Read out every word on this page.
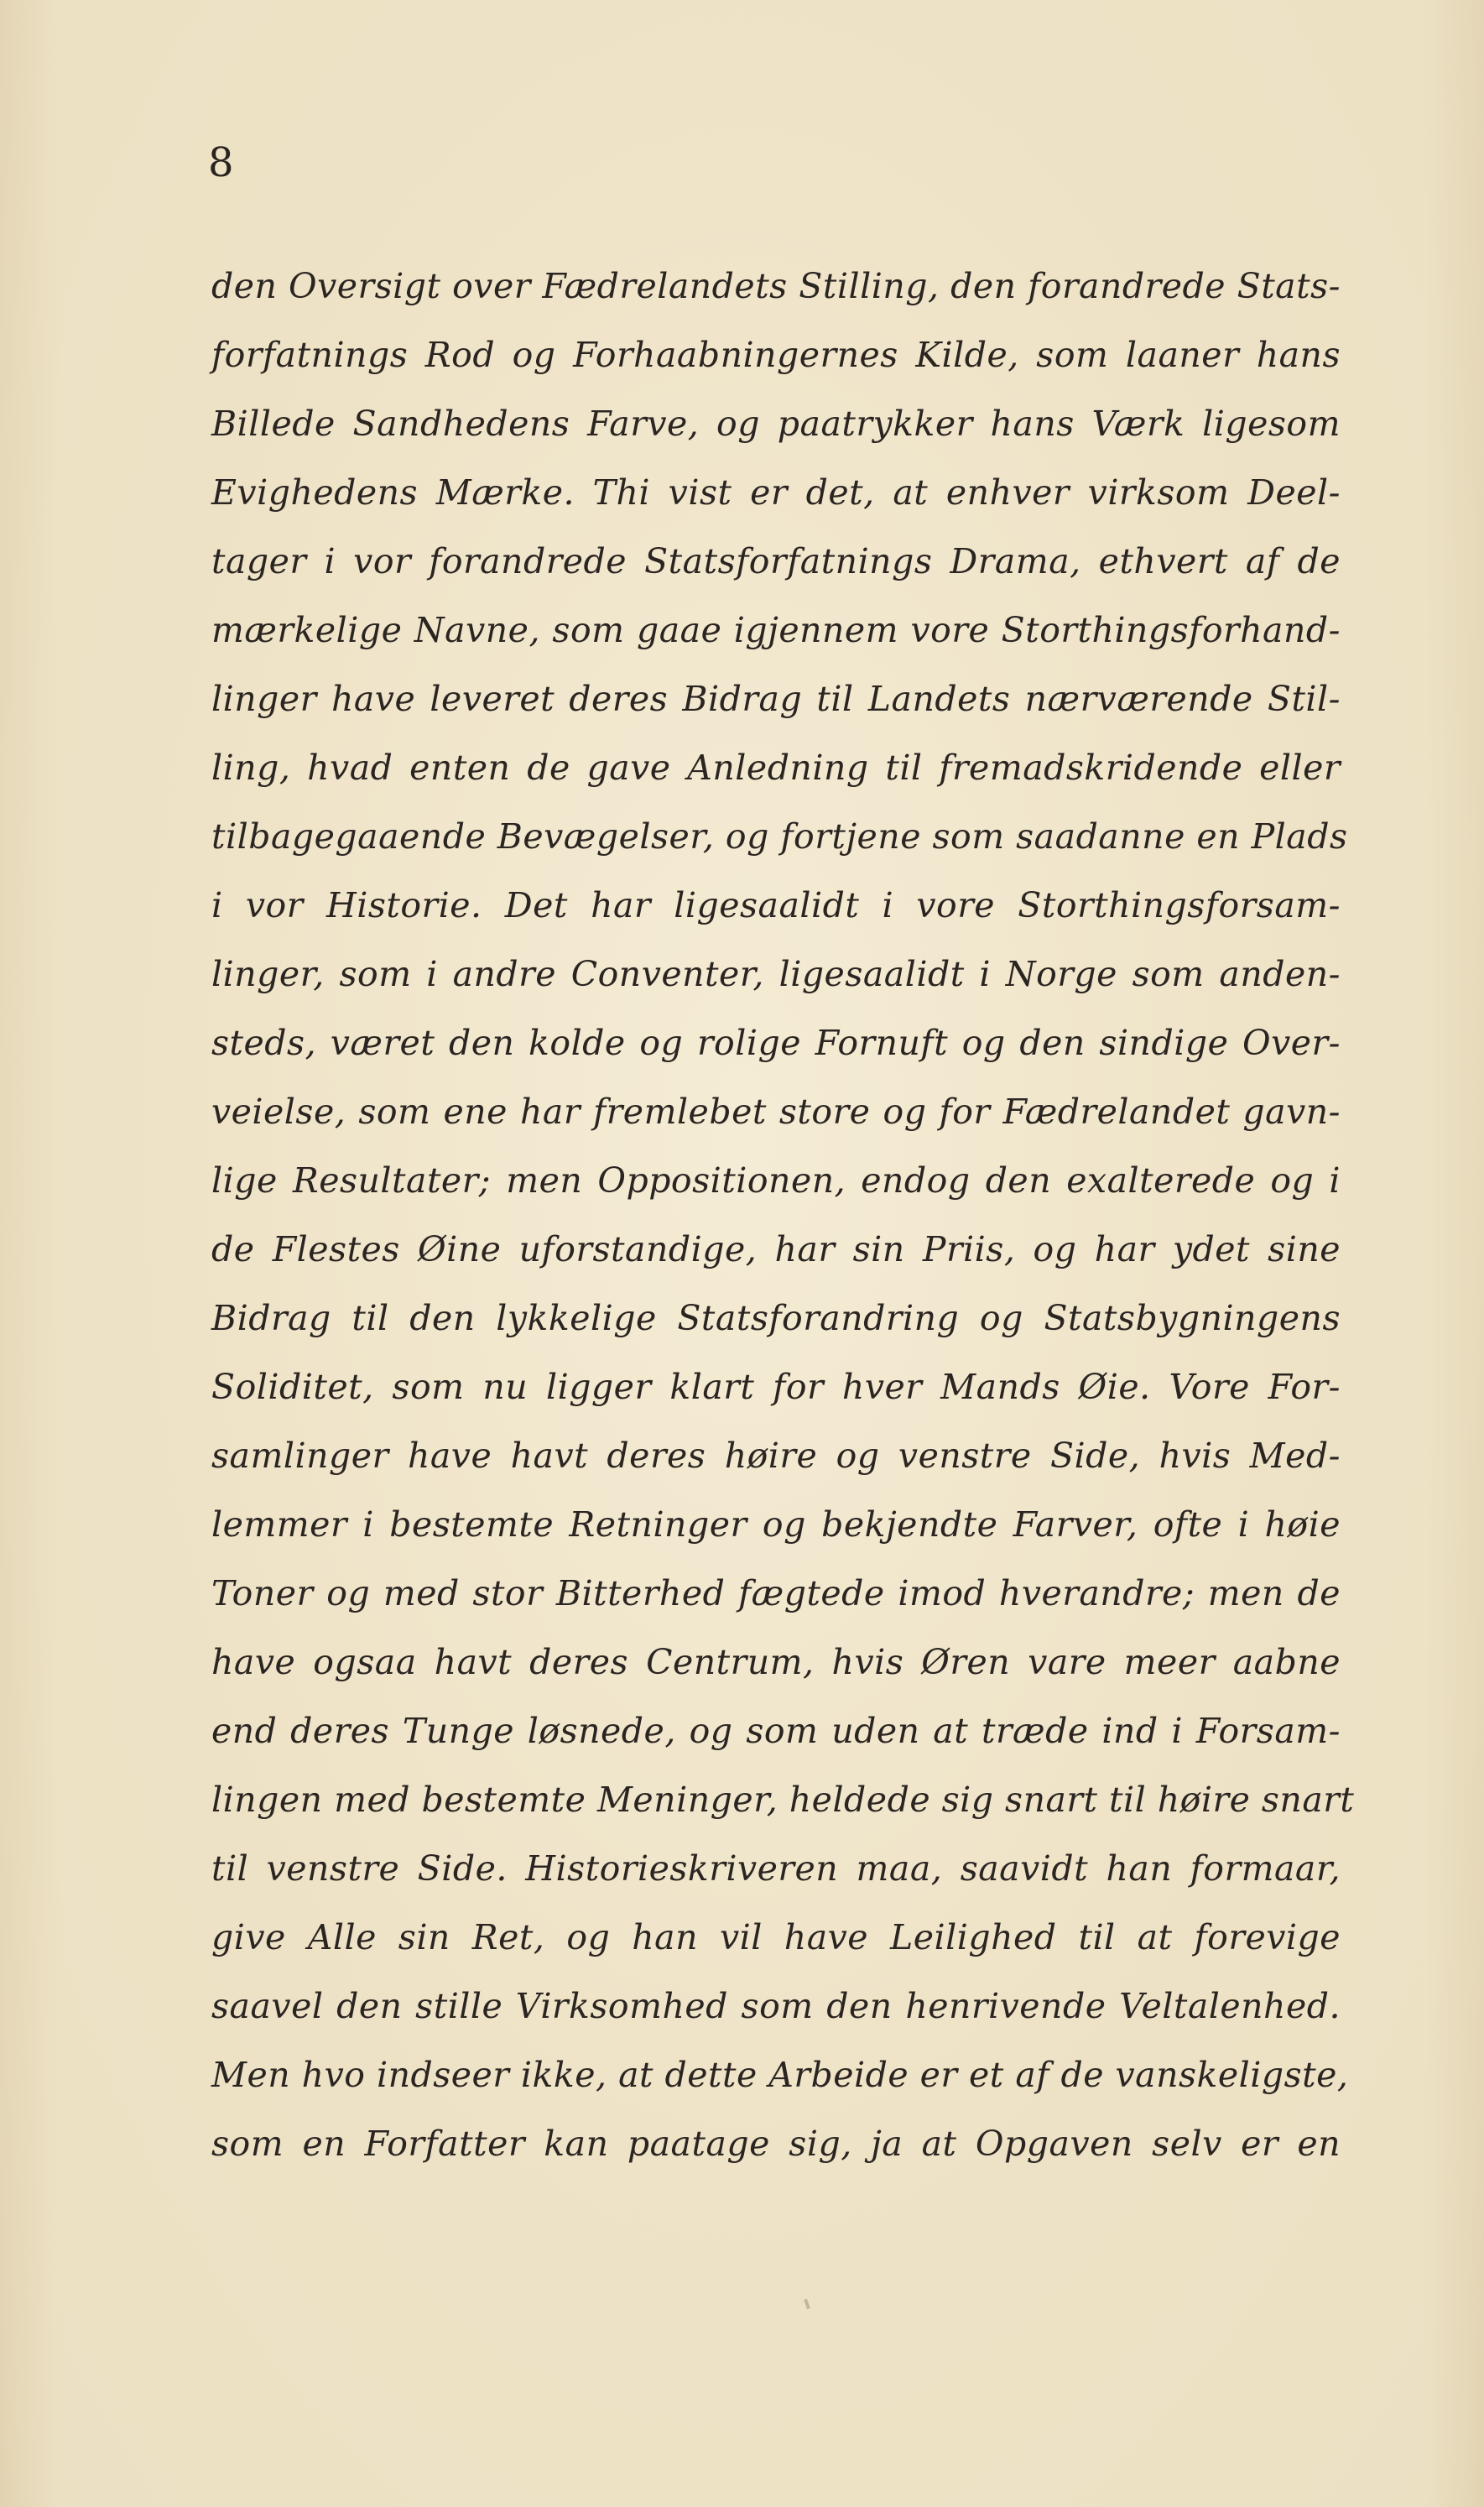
8
den Oversigt over Fædrelandets Stilling, den forandrede Stats-
forfatnings Rod og Forhaabningernes Kilde, som laaner hans
Billede Sandhedens Farve, og paatrykker hans Værk ligesom
Evighedens Mærke. Thi vist er det, at enhver virksom Deel-
tager i vor forandrede Statsforfatnings Drama, ethvert af de
mærkelige Navne, som gaae igjennem vore Storthingsforhand-
linger have leveret deres Bidrag til Landets nærværende Stil-
ling, hvad enten de gave Anledning til fremadskridende eller
tilbagegaaende Bevægelser, og fortjene som saadanne en Plads
i vor Historie. Det har ligesaalidt i vore Storthingsforsam-
linger, som i andre Conventer, ligesaalidt i Norge som anden-
steds, været den kolde og rolige Fornuft og den sindige Over-
veielse, som ene har fremlebet store og for Fædrelandet gavn-
lige Resultater; men Oppositionen, endog den exalterede og i
de Flestes Øine uforstandige, har sin Priis, og har ydet sine
Bidrag til den lykkelige Statsforandring og Statsbygningens
Soliditet, som nu ligger klart for hver Mands Øie. Vore For-
samlinger have havt deres høire og venstre Side, hvis Med-
lemmer i bestemte Retninger og bekjendte Farver, ofte i høie
Toner og med stor Bitterhed fægtede imod hverandre; men de
have ogsaa havt deres Centrum, hvis Øren vare meer aabne
end deres Tunge løsnede, og som uden at træde ind i Forsam-
lingen med bestemte Meninger, heldede sig snart til høire snart
til venstre Side. Historieskriveren maa, saavidt han formaar,
give Alle sin Ret, og han vil have Leilighed til at forevige
saavel den stille Virksomhed som den henrivende Veltalenhed.
Men hvo indseer ikke, at dette Arbeide er et af de vanskeligste,
som en Forfatter kan paatage sig, ja at Opgaven selv er en
